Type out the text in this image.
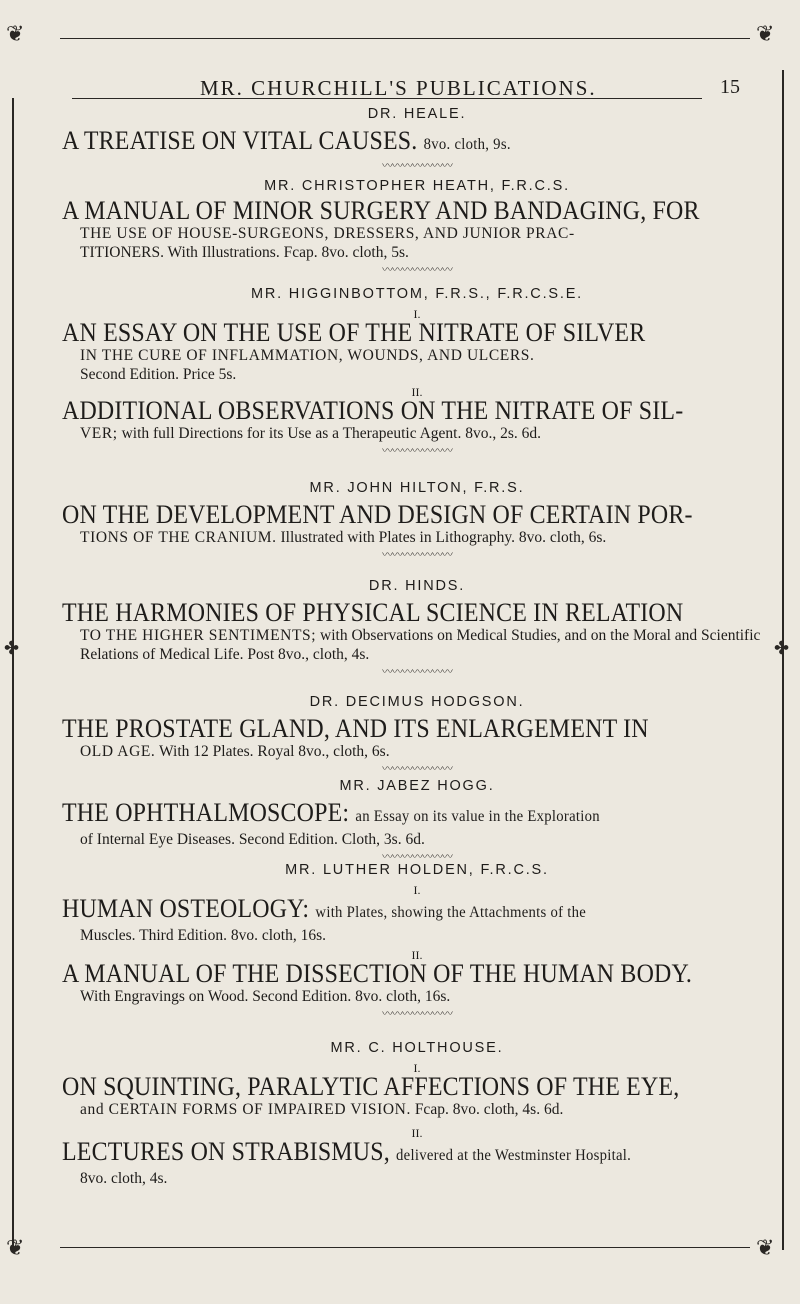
❦	❦
❦	❦
✤	✤
MR. CHURCHILL'S PUBLICATIONS.	15

DR. HEALE.

A TREATISE ON VITAL CAUSES. 8vo. cloth, 9s.

〰〰〰〰〰〰〰

MR. CHRISTOPHER HEATH, F.R.C.S.

A MANUAL OF MINOR SURGERY AND BANDAGING, FOR

THE USE OF HOUSE-SURGEONS, DRESSERS, AND JUNIOR PRAC-

TITIONERS. With Illustrations. Fcap. 8vo. cloth, 5s.

〰〰〰〰〰〰〰

MR. HIGGINBOTTOM, F.R.S., F.R.C.S.E.

I.

AN ESSAY ON THE USE OF THE NITRATE OF SILVER

IN THE CURE OF INFLAMMATION, WOUNDS, AND ULCERS.

Second Edition. Price 5s.

II.

ADDITIONAL OBSERVATIONS ON THE NITRATE OF SIL-

VER; with full Directions for its Use as a Therapeutic Agent. 8vo., 2s. 6d.

〰〰〰〰〰〰〰

MR. JOHN HILTON, F.R.S.

ON THE DEVELOPMENT AND DESIGN OF CERTAIN POR-

TIONS OF THE CRANIUM. Illustrated with Plates in Lithography. 8vo. cloth, 6s.

〰〰〰〰〰〰〰

DR. HINDS.

THE HARMONIES OF PHYSICAL SCIENCE IN RELATION

TO THE HIGHER SENTIMENTS; with Observations on Medical Studies, and on the Moral and Scientific Relations of Medical Life. Post 8vo., cloth, 4s.

〰〰〰〰〰〰〰

DR. DECIMUS HODGSON.

THE PROSTATE GLAND, AND ITS ENLARGEMENT IN

OLD AGE. With 12 Plates. Royal 8vo., cloth, 6s.

〰〰〰〰〰〰〰

MR. JABEZ HOGG.

THE OPHTHALMOSCOPE: an Essay on its value in the Exploration

of Internal Eye Diseases. Second Edition. Cloth, 3s. 6d.

〰〰〰〰〰〰〰

MR. LUTHER HOLDEN, F.R.C.S.

I.

HUMAN OSTEOLOGY: with Plates, showing the Attachments of the

Muscles. Third Edition. 8vo. cloth, 16s.

II.

A MANUAL OF THE DISSECTION OF THE HUMAN BODY.

With Engravings on Wood. Second Edition. 8vo. cloth, 16s.

〰〰〰〰〰〰〰

MR. C. HOLTHOUSE.

I.

ON SQUINTING, PARALYTIC AFFECTIONS OF THE EYE,

and CERTAIN FORMS OF IMPAIRED VISION. Fcap. 8vo. cloth, 4s. 6d.

II.

LECTURES ON STRABISMUS, delivered at the Westminster Hospital.

8vo. cloth, 4s.
